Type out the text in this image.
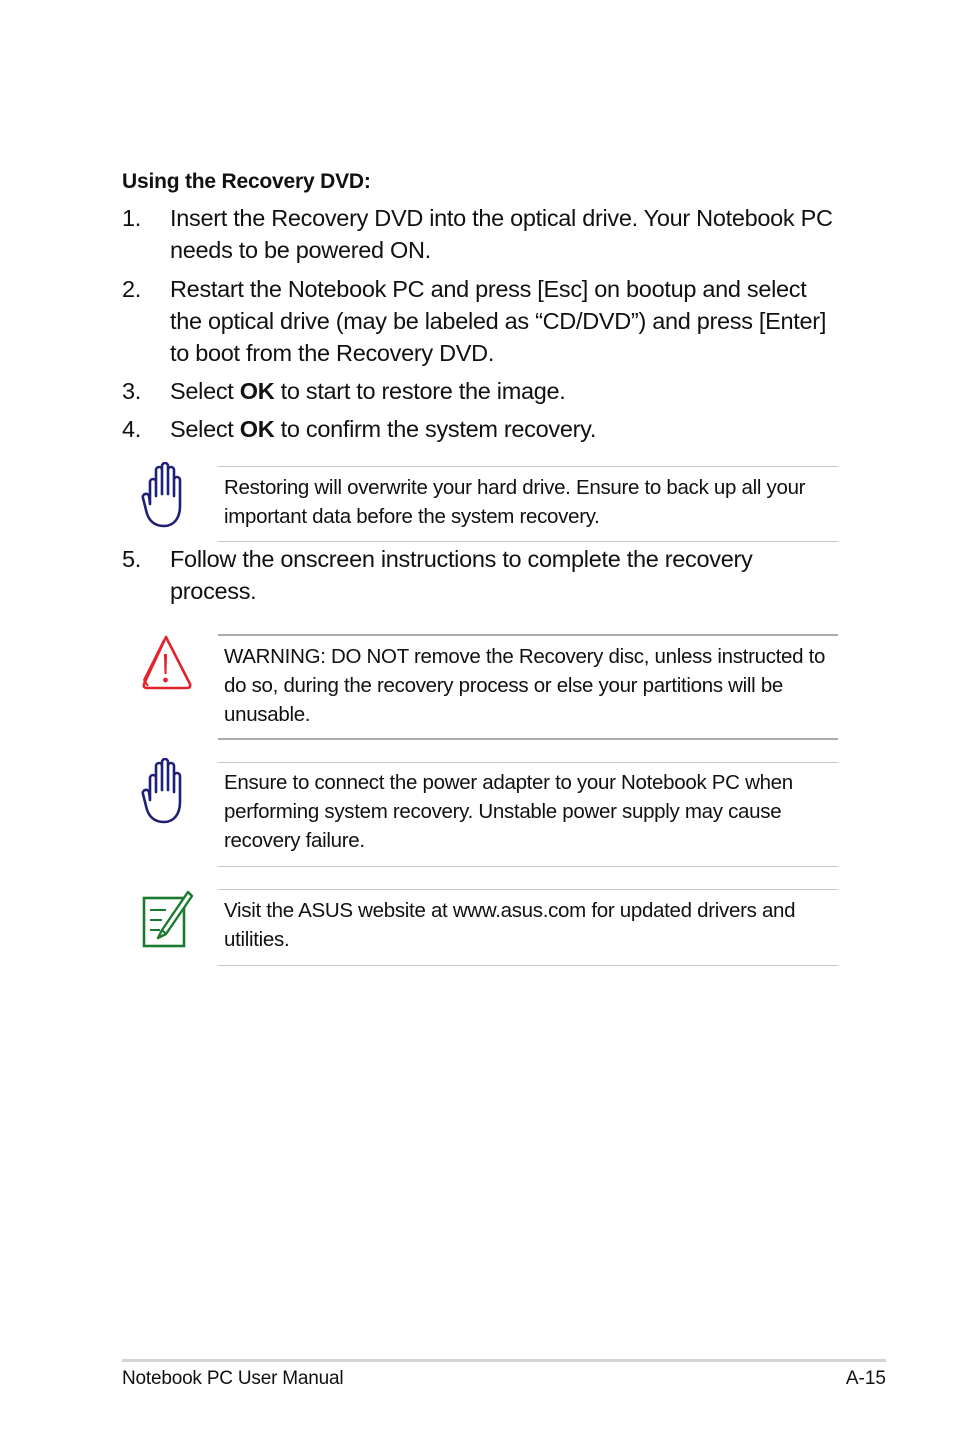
Using the Recovery DVD:
1. Insert the Recovery DVD into the optical drive. Your Notebook PC needs to be powered ON.
2. Restart the Notebook PC and press [Esc] on bootup and select the optical drive (may be labeled as “CD/DVD”) and press [Enter] to boot from the Recovery DVD.
3. Select OK to start to restore the image.
4. Select OK to confirm the system recovery.
Restoring will overwrite your hard drive. Ensure to back up all your important data before the system recovery.
5. Follow the onscreen instructions to complete the recovery process.
WARNING: DO NOT remove the Recovery disc, unless instructed to do so, during the recovery process or else your partitions will be unusable.
Ensure to connect the power adapter to your Notebook PC when performing system recovery. Unstable power supply may cause recovery failure.
Visit the ASUS website at www.asus.com for updated drivers and utilities.
Notebook PC User Manual	A-15
